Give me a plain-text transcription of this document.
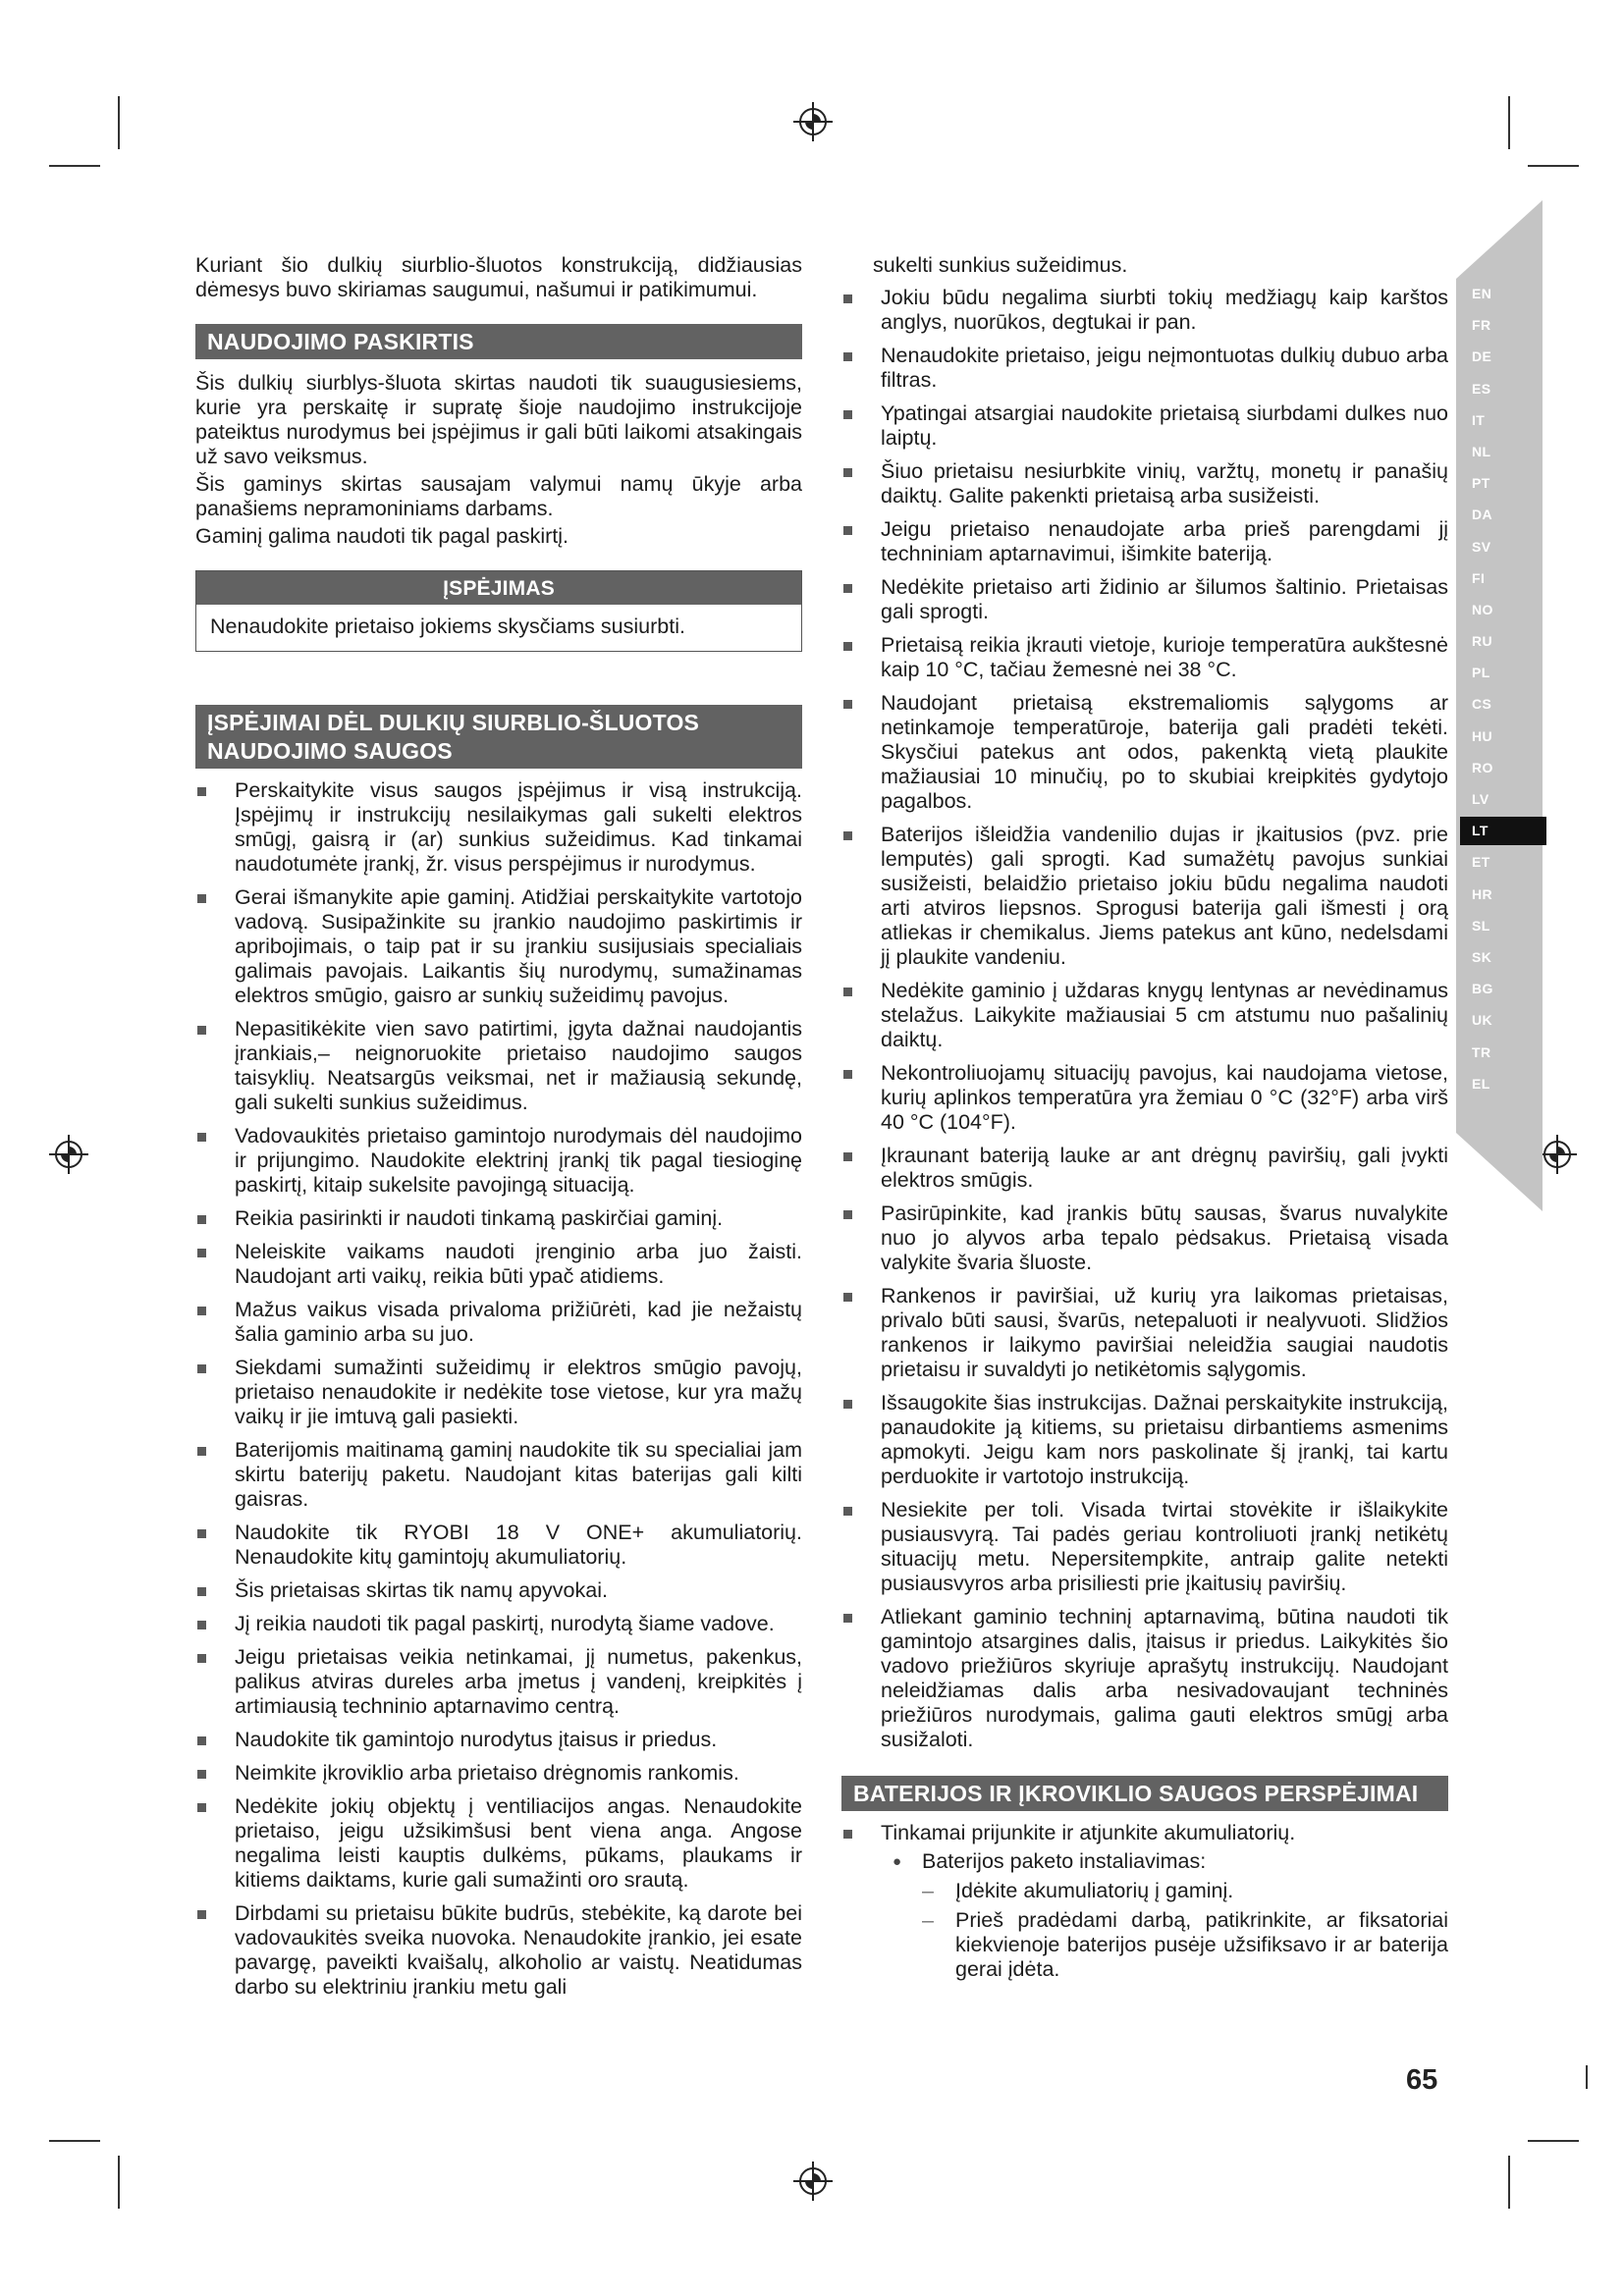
EN
FR
DE
ES
IT
NL
PT
DA
SV
FI
NO
RU
PL
CS
HU
RO
LV
LT
ET
HR
SL
SK
BG
UK
TR
EL
Kuriant šio dulkių siurblio-šluotos konstrukciją, didžiausias dėmesys buvo skiriamas saugumui, našumui ir patikimumui.
NAUDOJIMO PASKIRTIS
Šis dulkių siurblys-šluota skirtas naudoti tik suaugusiesiems, kurie yra perskaitę ir supratę šioje naudojimo instrukcijoje pateiktus nurodymus bei įspėjimus ir gali būti laikomi atsakingais už savo veiksmus.
Šis gaminys skirtas sausajam valymui namų ūkyje arba panašiems nepramoniniams darbams.
Gaminį galima naudoti tik pagal paskirtį.
ĮSPĖJIMAS
Nenaudokite prietaiso jokiems skysčiams susiurbti.
ĮSPĖJIMAI DĖL DULKIŲ SIURBLIO-ŠLUOTOS NAUDOJIMO SAUGOS
Perskaitykite visus saugos įspėjimus ir visą instrukciją. Įspėjimų ir instrukcijų nesilaikymas gali sukelti elektros smūgį, gaisrą ir (ar) sunkius sužeidimus. Kad tinkamai naudotumėte įrankį, žr. visus perspėjimus ir nurodymus.
Gerai išmanykite apie gaminį. Atidžiai perskaitykite vartotojo vadovą. Susipažinkite su įrankio naudojimo paskirtimis ir apribojimais, o taip pat ir su įrankiu susijusiais specialiais galimais pavojais. Laikantis šių nurodymų, sumažinamas elektros smūgio, gaisro ar sunkių sužeidimų pavojus.
Nepasitikėkite vien savo patirtimi, įgyta dažnai naudojantis įrankiais,– neignoruokite prietaiso naudojimo saugos taisyklių. Neatsargūs veiksmai, net ir mažiausią sekundę, gali sukelti sunkius sužeidimus.
Vadovaukitės prietaiso gamintojo nurodymais dėl naudojimo ir prijungimo. Naudokite elektrinį įrankį tik pagal tiesioginę paskirtį, kitaip sukelsite pavojingą situaciją.
Reikia pasirinkti ir naudoti tinkamą paskirčiai gaminį.
Neleiskite vaikams naudoti įrenginio arba juo žaisti. Naudojant arti vaikų, reikia būti ypač atidiems.
Mažus vaikus visada privaloma prižiūrėti, kad jie nežaistų šalia gaminio arba su juo.
Siekdami sumažinti sužeidimų ir elektros smūgio pavojų, prietaiso nenaudokite ir nedėkite tose vietose, kur yra mažų vaikų ir jie imtuvą gali pasiekti.
Baterijomis maitinamą gaminį naudokite tik su specialiai jam skirtu baterijų paketu. Naudojant kitas baterijas gali kilti gaisras.
Naudokite tik RYOBI 18 V ONE+ akumuliatorių. Nenaudokite kitų gamintojų akumuliatorių.
Šis prietaisas skirtas tik namų apyvokai.
Jį reikia naudoti tik pagal paskirtį, nurodytą šiame vadove.
Jeigu prietaisas veikia netinkamai, jį numetus, pakenkus, palikus atviras dureles arba įmetus į vandenį, kreipkitės į artimiausią techninio aptarnavimo centrą.
Naudokite tik gamintojo nurodytus įtaisus ir priedus.
Neimkite įkroviklio arba prietaiso drėgnomis rankomis.
Nedėkite jokių objektų į ventiliacijos angas. Nenaudokite prietaiso, jeigu užsikimšusi bent viena anga. Angose negalima leisti kauptis dulkėms, pūkams, plaukams ir kitiems daiktams, kurie gali sumažinti oro srautą.
Dirbdami su prietaisu būkite budrūs, stebėkite, ką darote bei vadovaukitės sveika nuovoka. Nenaudokite įrankio, jei esate pavargę, paveikti kvaišalų, alkoholio ar vaistų. Neatidumas darbo su elektriniu įrankiu metu gali
sukelti sunkius sužeidimus.
Jokiu būdu negalima siurbti tokių medžiagų kaip karštos anglys, nuorūkos, degtukai ir pan.
Nenaudokite prietaiso, jeigu neįmontuotas dulkių dubuo arba filtras.
Ypatingai atsargiai naudokite prietaisą siurbdami dulkes nuo laiptų.
Šiuo prietaisu nesiurbkite vinių, varžtų, monetų ir panašių daiktų. Galite pakenkti prietaisą arba susižeisti.
Jeigu prietaiso nenaudojate arba prieš parengdami jį techniniam aptarnavimui, išimkite bateriją.
Nedėkite prietaiso arti židinio ar šilumos šaltinio. Prietaisas gali sprogti.
Prietaisą reikia įkrauti vietoje, kurioje temperatūra aukštesnė kaip 10 °C, tačiau žemesnė nei 38 °C.
Naudojant prietaisą ekstremaliomis sąlygoms ar netinkamoje temperatūroje, baterija gali pradėti tekėti. Skysčiui patekus ant odos, pakenktą vietą plaukite mažiausiai 10 minučių, po to skubiai kreipkitės gydytojo pagalbos.
Baterijos išleidžia vandenilio dujas ir įkaitusios (pvz. prie lemputės) gali sprogti. Kad sumažėtų pavojus sunkiai susižeisti, belaidžio prietaiso jokiu būdu negalima naudoti arti atviros liepsnos. Sprogusi baterija gali išmesti į orą atliekas ir chemikalus. Jiems patekus ant kūno, nedelsdami jį plaukite vandeniu.
Nedėkite gaminio į uždaras knygų lentynas ar nevėdinamus stelažus. Laikykite mažiausiai 5 cm atstumu nuo pašalinių daiktų.
Nekontroliuojamų situacijų pavojus, kai naudojama vietose, kurių aplinkos temperatūra yra žemiau 0 °C (32°F) arba virš 40 °C (104°F).
Įkraunant bateriją lauke ar ant drėgnų paviršių, gali įvykti elektros smūgis.
Pasirūpinkite, kad įrankis būtų sausas, švarus nuvalykite nuo jo alyvos arba tepalo pėdsakus. Prietaisą visada valykite švaria šluoste.
Rankenos ir paviršiai, už kurių yra laikomas prietaisas, privalo būti sausi, švarūs, netepaluoti ir nealyvuoti. Slidžios rankenos ir laikymo paviršiai neleidžia saugiai naudotis prietaisu ir suvaldyti jo netikėtomis sąlygomis.
Išsaugokite šias instrukcijas. Dažnai perskaitykite instrukciją, panaudokite ją kitiems, su prietaisu dirbantiems asmenims apmokyti. Jeigu kam nors paskolinate šį įrankį, tai kartu perduokite ir vartotojo instrukciją.
Nesiekite per toli. Visada tvirtai stovėkite ir išlaikykite pusiausvyrą. Tai padės geriau kontroliuoti įrankį netikėtų situacijų metu. Nepersitempkite, antraip galite netekti pusiausvyros arba prisiliesti prie įkaitusių paviršių.
Atliekant gaminio techninį aptarnavimą, būtina naudoti tik gamintojo atsargines dalis, įtaisus ir priedus. Laikykitės šio vadovo priežiūros skyriuje aprašytų instrukcijų. Naudojant neleidžiamas dalis arba nesivadovaujant techninės priežiūros nurodymais, galima gauti elektros smūgį arba susižaloti.
BATERIJOS IR ĮKROVIKLIO SAUGOS PERSPĖJIMAI
Tinkamai prijunkite ir atjunkite akumuliatorių.
● Baterijos paketo instaliavimas:
– Įdėkite akumuliatorių į gaminį.
– Prieš pradėdami darbą, patikrinkite, ar fiksatoriai kiekvienoje baterijos pusėje užsifiksavo ir ar baterija gerai įdėta.
65
